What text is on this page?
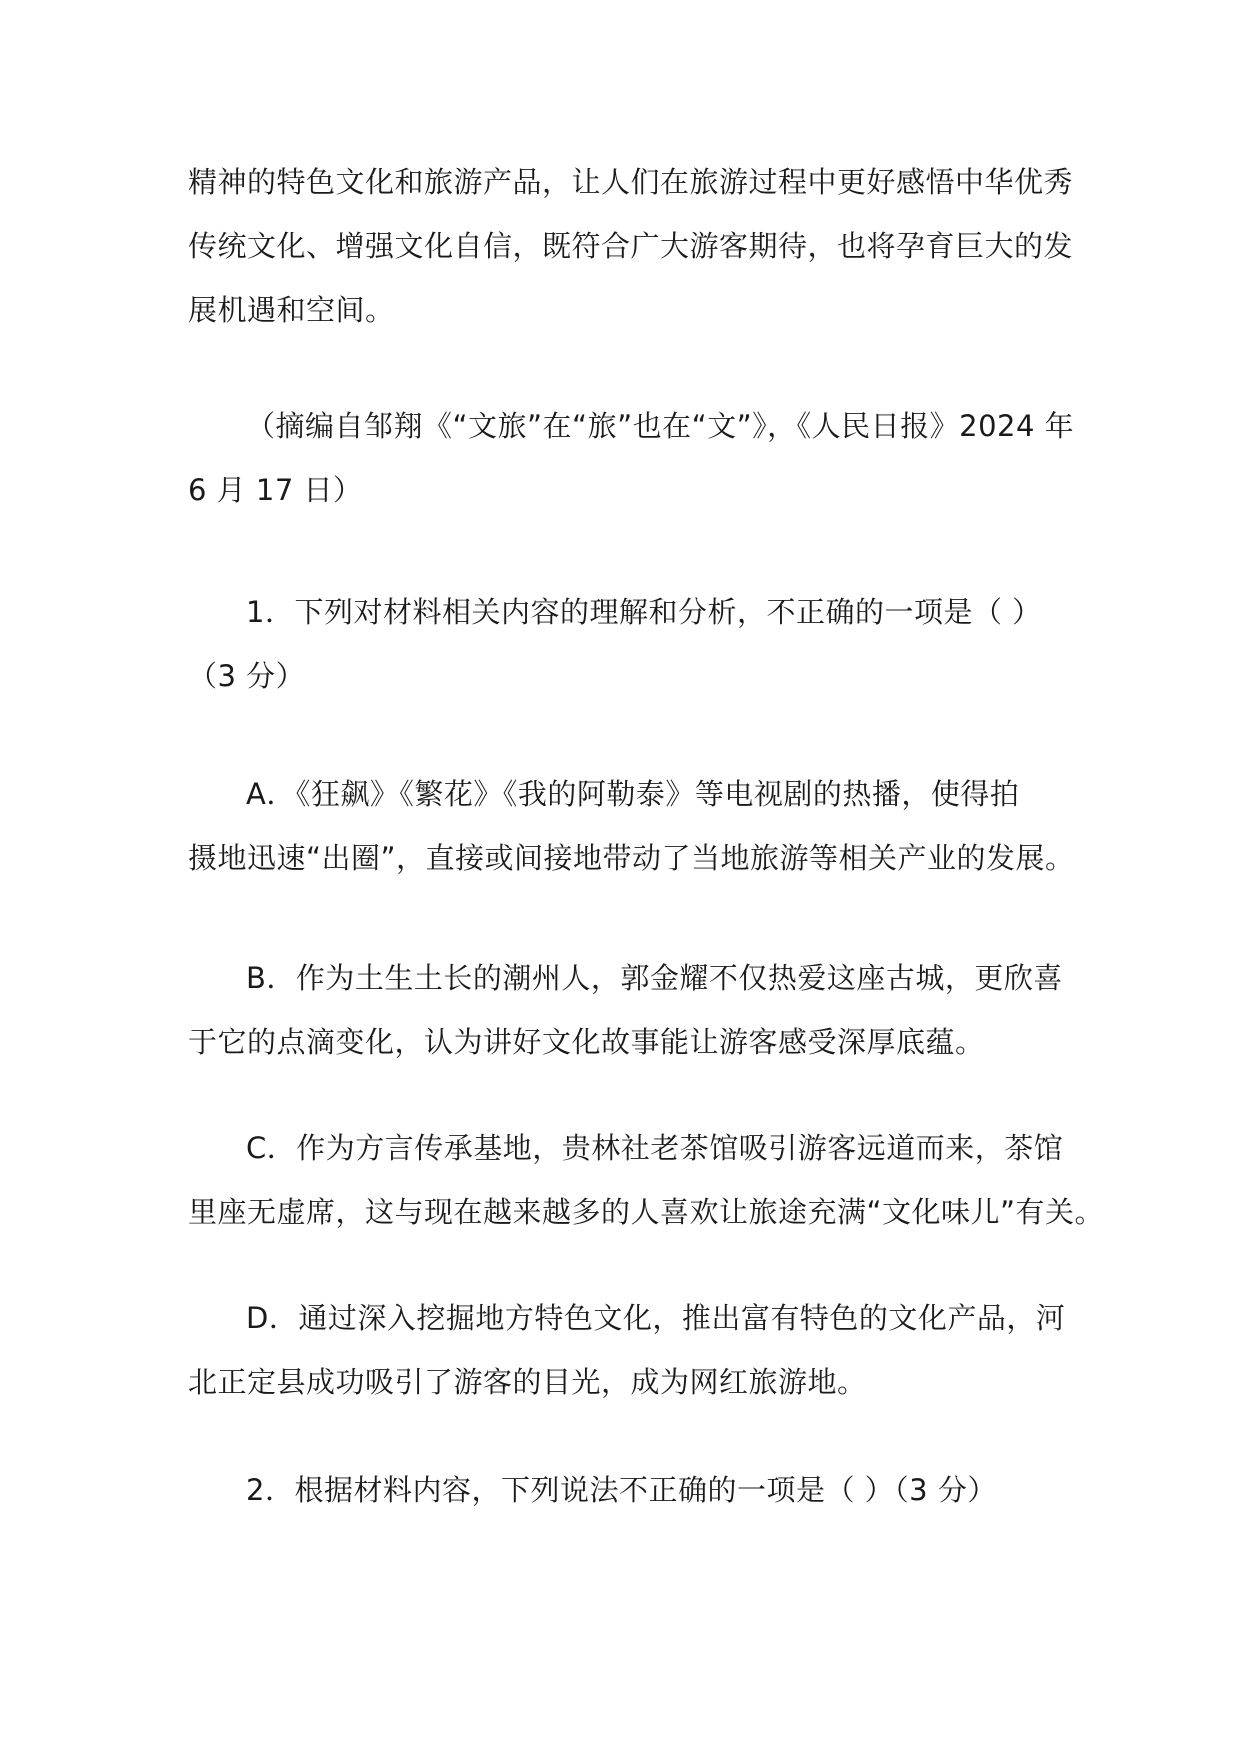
精神的特色文化和旅游产品，让人们在旅游过程中更好感悟中华优秀
传统文化、增强文化自信，既符合广大游客期待，也将孕育巨大的发
展机遇和空间。
（摘编自邹翔《“文旅”在“旅”也在“文”》，《人民日报》2024 年
6 月 17 日）
1．下列对材料相关内容的理解和分析，不正确的一项是（ ）
（3 分）
A．《狂飙》《繁花》《我的阿勒泰》等电视剧的热播，使得拍
摄地迅速“出圈”，直接或间接地带动了当地旅游等相关产业的发展。
B．作为土生土长的潮州人，郭金耀不仅热爱这座古城，更欣喜
于它的点滴变化，认为讲好文化故事能让游客感受深厚底蕴。
C．作为方言传承基地，贵林社老茶馆吸引游客远道而来，茶馆
里座无虚席，这与现在越来越多的人喜欢让旅途充满“文化味儿”有关。
D．通过深入挖掘地方特色文化，推出富有特色的文化产品，河
北正定县成功吸引了游客的目光，成为网红旅游地。
2．根据材料内容，下列说法不正确的一项是（ ）（3 分）
